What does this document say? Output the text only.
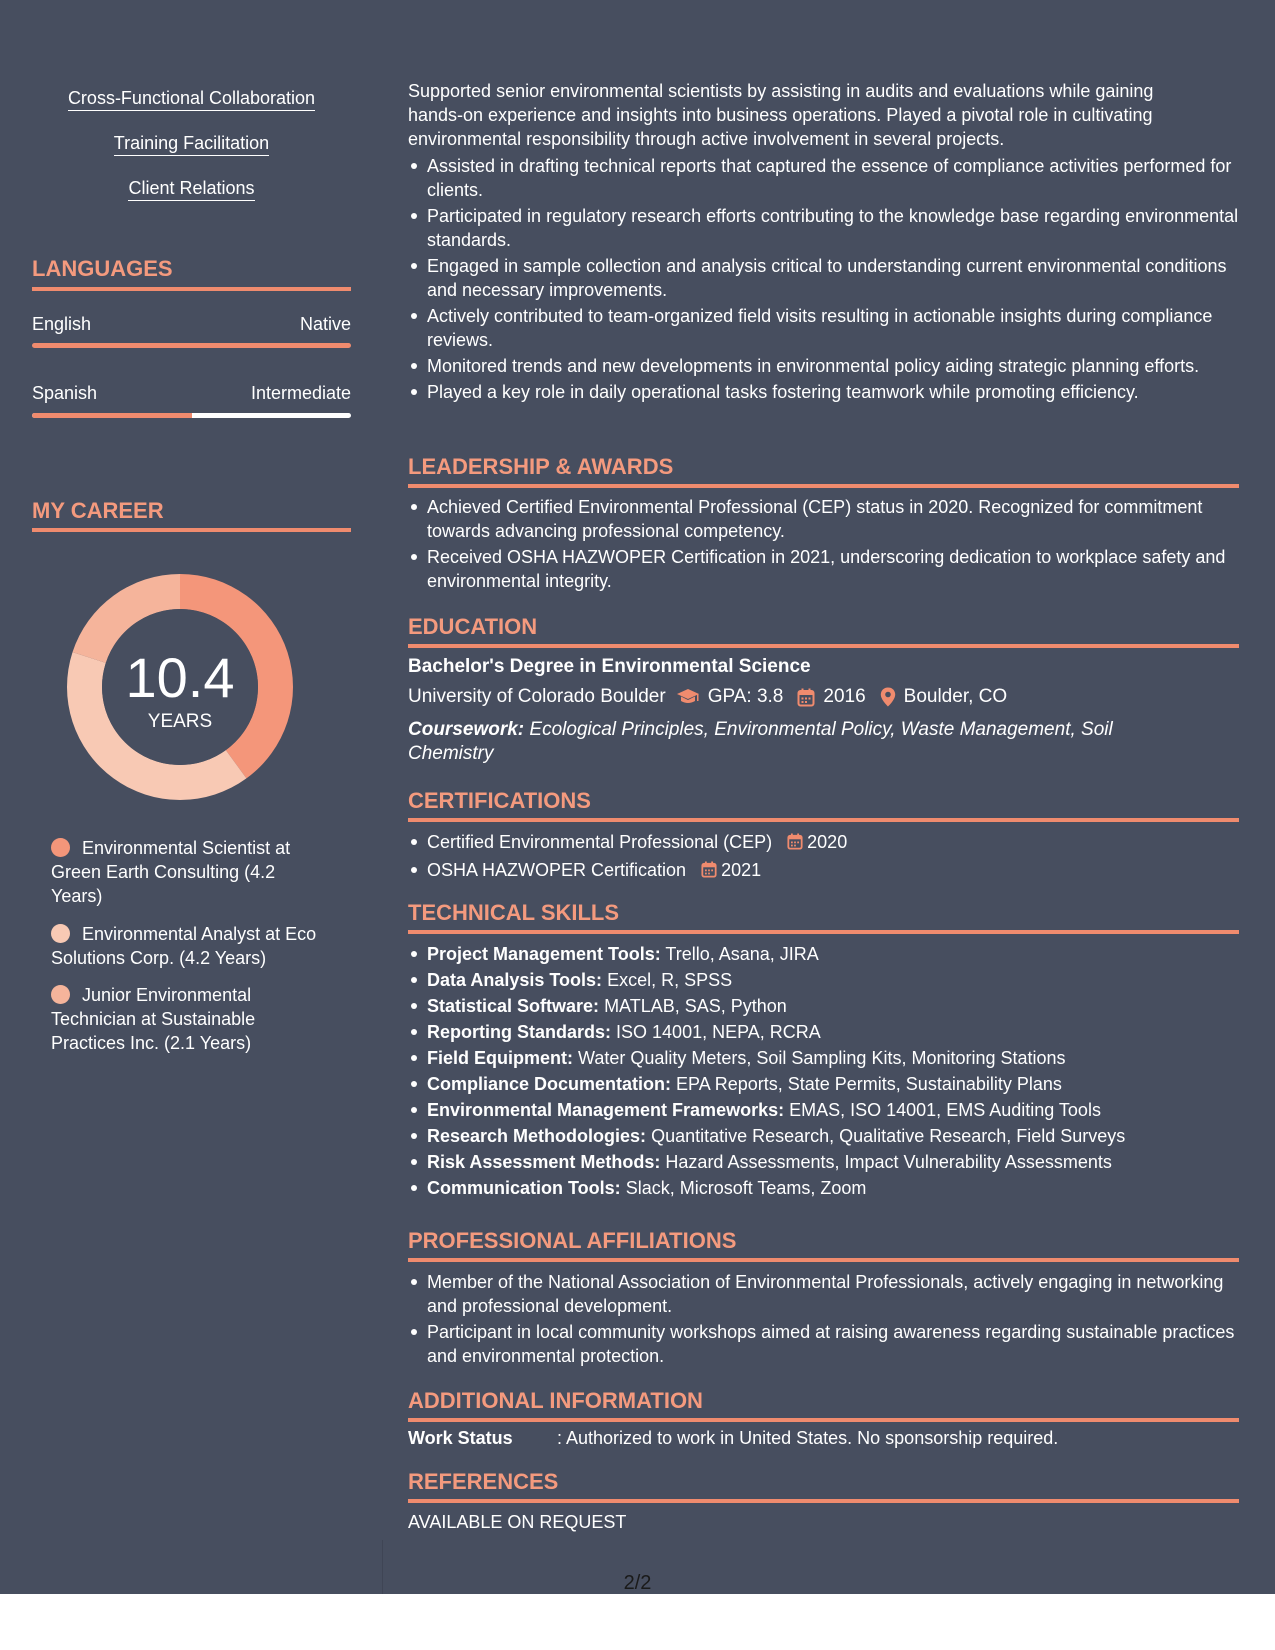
Cross-Functional Collaboration
Training Facilitation
Client Relations
LANGUAGES
English	Native
Spanish	Intermediate
MY CAREER
10.4
YEARS
Environmental Scientist at Green Earth Consulting (4.2 Years)
Environmental Analyst at Eco Solutions Corp. (4.2 Years)
Junior Environmental Technician at Sustainable Practices Inc. (2.1 Years)
Supported senior environmental scientists by assisting in audits and evaluations while gaining hands-on experience and insights into business operations. Played a pivotal role in cultivating environmental responsibility through active involvement in several projects.
Assisted in drafting technical reports that captured the essence of compliance activities performed for clients.
Participated in regulatory research efforts contributing to the knowledge base regarding environmental standards.
Engaged in sample collection and analysis critical to understanding current environmental conditions and necessary improvements.
Actively contributed to team-organized field visits resulting in actionable insights during compliance reviews.
Monitored trends and new developments in environmental policy aiding strategic planning efforts.
Played a key role in daily operational tasks fostering teamwork while promoting efficiency.
LEADERSHIP & AWARDS
Achieved Certified Environmental Professional (CEP) status in 2020. Recognized for commitment towards advancing professional competency.
Received OSHA HAZWOPER Certification in 2021, underscoring dedication to workplace safety and environmental integrity.
EDUCATION
Bachelor's Degree in Environmental Science
University of Colorado Boulder GPA: 3.8 2016 Boulder, CO
Coursework: Ecological Principles, Environmental Policy, Waste Management, Soil Chemistry
CERTIFICATIONS
Certified Environmental Professional (CEP) 2020
OSHA HAZWOPER Certification 2021
TECHNICAL SKILLS
Project Management Tools: Trello, Asana, JIRA
Data Analysis Tools: Excel, R, SPSS
Statistical Software: MATLAB, SAS, Python
Reporting Standards: ISO 14001, NEPA, RCRA
Field Equipment: Water Quality Meters, Soil Sampling Kits, Monitoring Stations
Compliance Documentation: EPA Reports, State Permits, Sustainability Plans
Environmental Management Frameworks: EMAS, ISO 14001, EMS Auditing Tools
Research Methodologies: Quantitative Research, Qualitative Research, Field Surveys
Risk Assessment Methods: Hazard Assessments, Impact Vulnerability Assessments
Communication Tools: Slack, Microsoft Teams, Zoom
PROFESSIONAL AFFILIATIONS
Member of the National Association of Environmental Professionals, actively engaging in networking and professional development.
Participant in local community workshops aimed at raising awareness regarding sustainable practices and environmental protection.
ADDITIONAL INFORMATION
Work Status : Authorized to work in United States. No sponsorship required.
REFERENCES
AVAILABLE ON REQUEST
2/2
